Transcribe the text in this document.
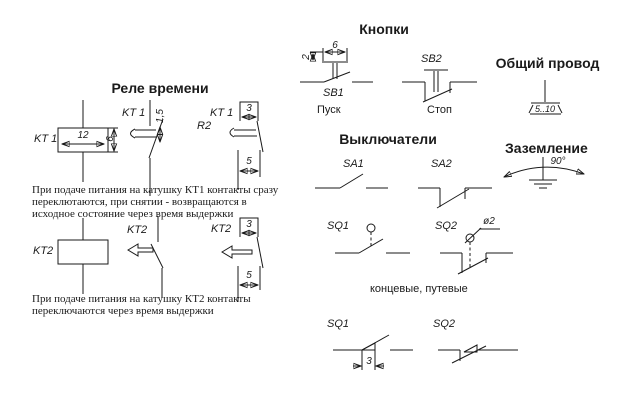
Реле времени
KT 1	12	6
KT 1 1,5	KT 1
R2
3
5
При подаче питания на катушку КТ1 контакты сразу
переклютаются, при снятии - возвращаются в
исходное состояние через время выдержки
KT2
KT2	KT2	3
5
При подаче питания на катушку КТ2 контакты
переключаются через время выдержки
Кнопки
6
2
SB1
Пуск
SB2
Стоп
Общий провод
5..10
Выключатели
SA1	SA2
SQ1	SQ2	ø2
концевые, путевые
Заземление
90°
SQ1	SQ2
3
